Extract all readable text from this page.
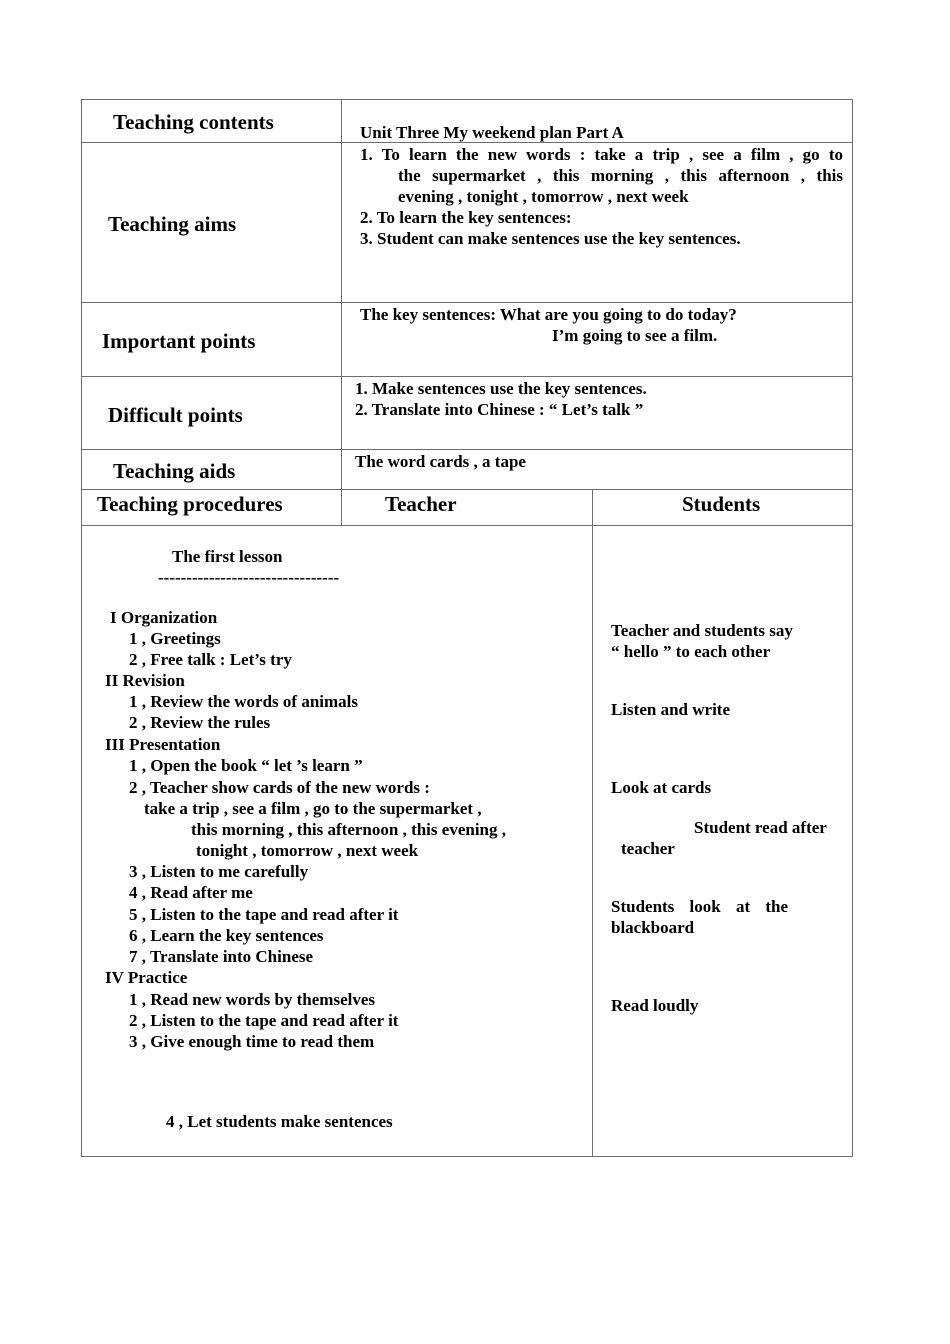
Teaching contents
Teaching aims
Important points
Difficult points
Teaching aids
Teaching procedures	Teacher	Students
Unit Three My weekend plan Part A
1. To learn the new words : take a trip , see a film , go to
the supermarket , this morning , this afternoon , this
evening , tonight , tomorrow , next week
2. To learn the key sentences:
3. Student can make sentences use the key sentences.
The key sentences: What are you going to do today?
I’m going to see a film.
1. Make sentences use the key sentences.
2. Translate into Chinese : “ Let’s talk ”
The word cards , a tape
The first lesson
--------------------------------
I Organization
1 , Greetings
2 , Free talk : Let’s try
II Revision
1 , Review the words of animals
2 , Review the rules
III Presentation
1 , Open the book “ let ’s learn ”
2 , Teacher show cards of the new words :
take a trip , see a film , go to the supermarket ,
this morning , this afternoon , this evening ,
tonight , tomorrow , next week
3 , Listen to me carefully
4 , Read after me
5 , Listen to the tape and read after it
6 , Learn the key sentences
7 , Translate into Chinese
IV Practice
1 , Read new words by themselves
2 , Listen to the tape and read after it
3 , Give enough time to read them
4 , Let students make sentences
Teacher and students say
“ hello ” to each other
Listen and write
Look at cards
Student read after
teacher
Students look at the
blackboard
Read loudly
